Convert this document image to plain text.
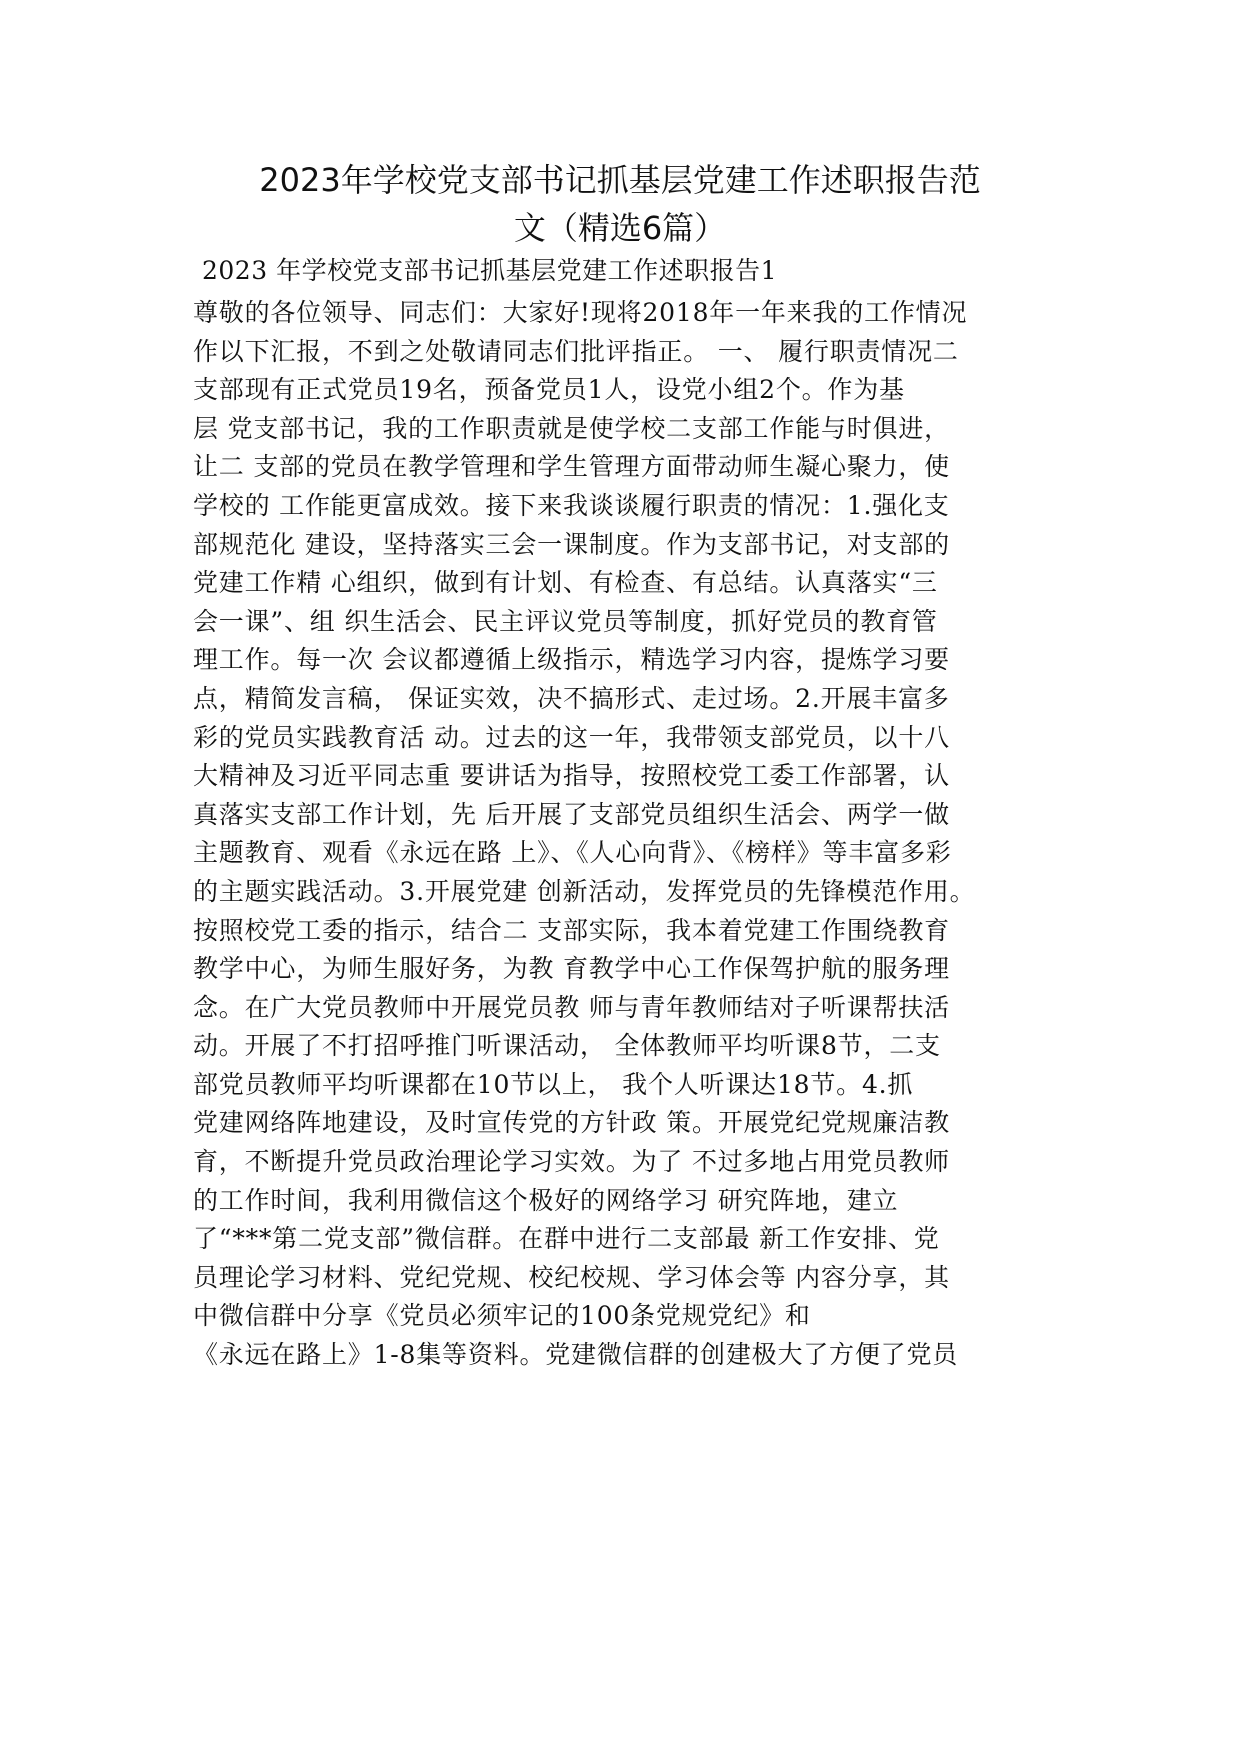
2023年学校党支部书记抓基层党建工作述职报告范
文（精选6篇）
2023 年学校党支部书记抓基层党建工作述职报告1
尊敬的各位领导、同志们：大家好!现将2018年一年来我的工作情况
作以下汇报，不到之处敬请同志们批评指正。 一、 履行职责情况二
支部现有正式党员19名，预备党员1人，设党小组2个。作为基
层 党支部书记，我的工作职责就是使学校二支部工作能与时俱进，
让二 支部的党员在教学管理和学生管理方面带动师生凝心聚力，使
学校的 工作能更富成效。接下来我谈谈履行职责的情况：1.强化支
部规范化 建设，坚持落实三会一课制度。作为支部书记，对支部的
党建工作精 心组织，做到有计划、有检查、有总结。认真落实“三
会一课”、组 织生活会、民主评议党员等制度，抓好党员的教育管
理工作。每一次 会议都遵循上级指示，精选学习内容，提炼学习要
点，精简发言稿， 保证实效，决不搞形式、走过场。2.开展丰富多
彩的党员实践教育活 动。过去的这一年，我带领支部党员，以十八
大精神及习近平同志重 要讲话为指导，按照校党工委工作部署，认
真落实支部工作计划，先 后开展了支部党员组织生活会、两学一做
主题教育、观看《永远在路 上》、《人心向背》、《榜样》等丰富多彩
的主题实践活动。3.开展党建 创新活动，发挥党员的先锋模范作用。
按照校党工委的指示，结合二 支部实际，我本着党建工作围绕教育
教学中心，为师生服好务，为教 育教学中心工作保驾护航的服务理
念。在广大党员教师中开展党员教 师与青年教师结对子听课帮扶活
动。开展了不打招呼推门听课活动， 全体教师平均听课8节，二支
部党员教师平均听课都在10节以上， 我个人听课达18节。4.抓
党建网络阵地建设，及时宣传党的方针政 策。开展党纪党规廉洁教
育，不断提升党员政治理论学习实效。为了 不过多地占用党员教师
的工作时间，我利用微信这个极好的网络学习 研究阵地，建立
了“***第二党支部”微信群。在群中进行二支部最 新工作安排、党
员理论学习材料、党纪党规、校纪校规、学习体会等 内容分享，其
中微信群中分享《党员必须牢记的100条党规党纪》和
《永远在路上》1-8集等资料。党建微信群的创建极大了方便了党员
